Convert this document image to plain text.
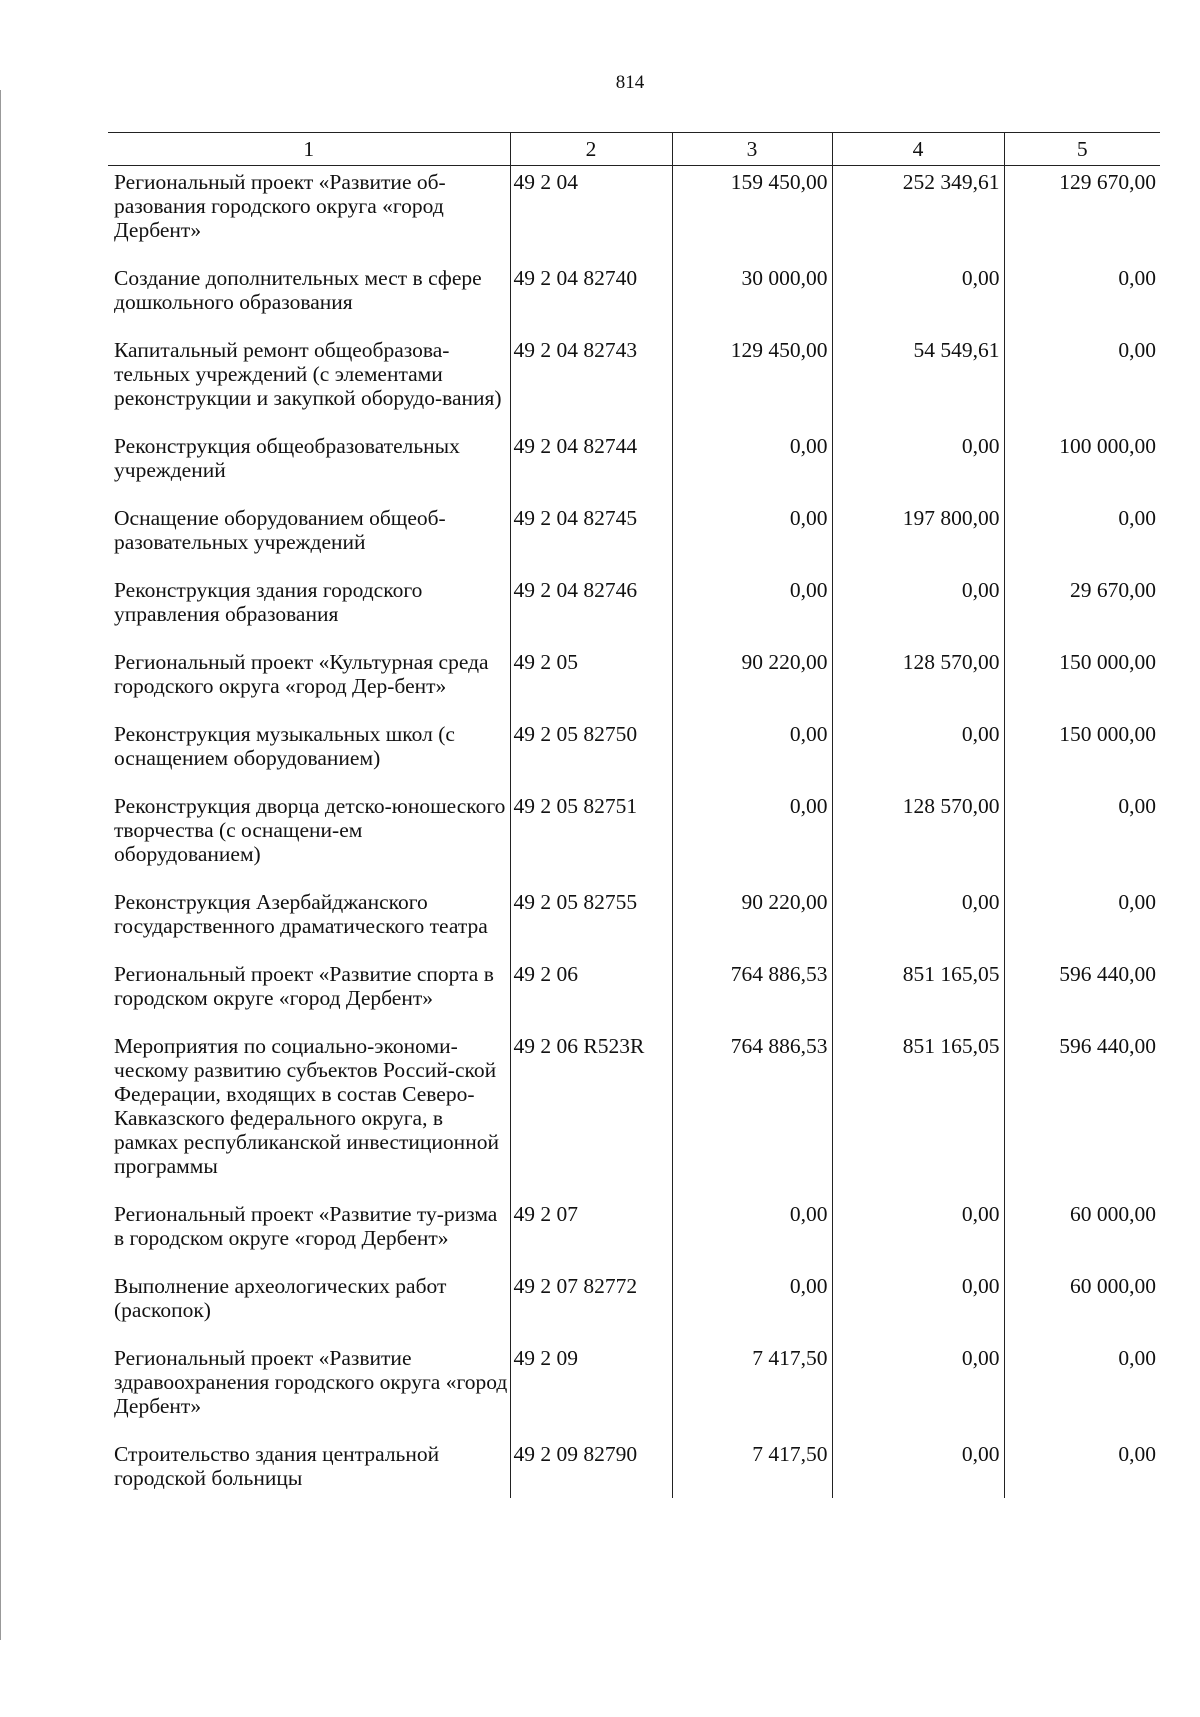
814
1	2	3	4	5
Региональный проект «Развитие об-разования городского округа «город Дербент»	49 2 04	159 450,00	252 349,61	129 670,00
Создание дополнительных мест в сфере дошкольного образования	49 2 04 82740	30 000,00	0,00	0,00
Капитальный ремонт общеобразова-тельных учреждений (с элементами реконструкции и закупкой оборудо-вания)	49 2 04 82743	129 450,00	54 549,61	0,00
Реконструкция общеобразовательных учреждений	49 2 04 82744	0,00	0,00	100 000,00
Оснащение оборудованием общеоб-разовательных учреждений	49 2 04 82745	0,00	197 800,00	0,00
Реконструкция здания городского управления образования	49 2 04 82746	0,00	0,00	29 670,00
Региональный проект «Культурная среда городского округа «город Дер-бент»	49 2 05	90 220,00	128 570,00	150 000,00
Реконструкция музыкальных школ (с оснащением оборудованием)	49 2 05 82750	0,00	0,00	150 000,00
Реконструкция дворца детско-юношеского творчества (с оснащени-ем оборудованием)	49 2 05 82751	0,00	128 570,00	0,00
Реконструкция Азербайджанского государственного драматического театра	49 2 05 82755	90 220,00	0,00	0,00
Региональный проект «Развитие спорта в городском округе «город Дербент»	49 2 06	764 886,53	851 165,05	596 440,00
Мероприятия по социально-экономи-ческому развитию субъектов Россий-ской Федерации, входящих в состав Северо-Кавказского федерального округа, в рамках республиканской инвестиционной программы	49 2 06 R523R	764 886,53	851 165,05	596 440,00
Региональный проект «Развитие ту-ризма в городском округе «город Дербент»	49 2 07	0,00	0,00	60 000,00
Выполнение археологических работ (раскопок)	49 2 07 82772	0,00	0,00	60 000,00
Региональный проект «Развитие здравоохранения городского округа «город Дербент»	49 2 09	7 417,50	0,00	0,00
Строительство здания центральной городской больницы	49 2 09 82790	7 417,50	0,00	0,00
